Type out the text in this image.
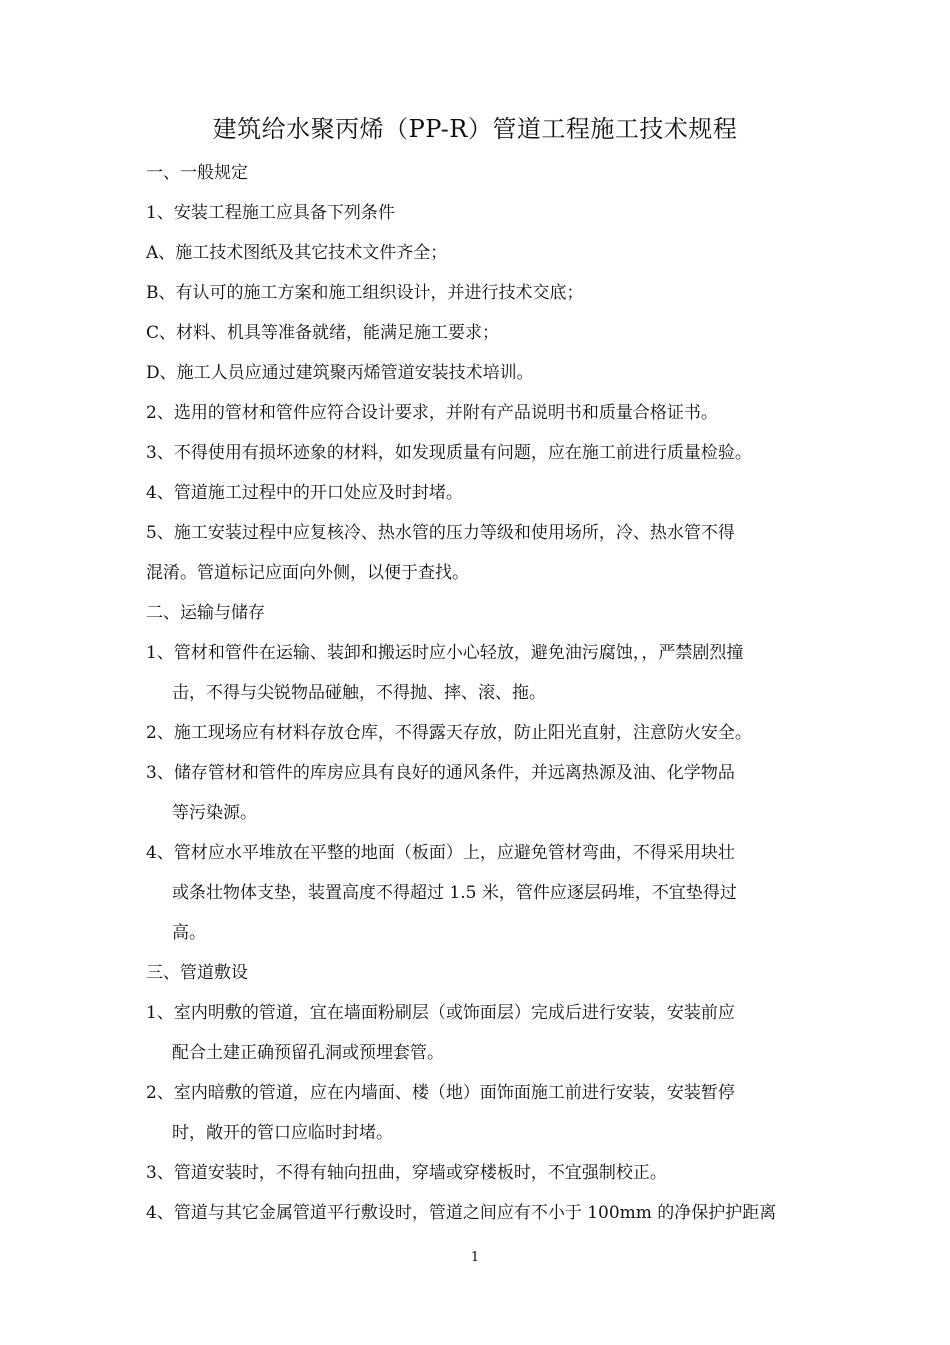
建筑给水聚丙烯（PP-R）管道工程施工技术规程
一、一般规定
1、安装工程施工应具备下列条件
A、施工技术图纸及其它技术文件齐全；
B、有认可的施工方案和施工组织设计，并进行技术交底；
C、材料、机具等准备就绪，能满足施工要求；
D、施工人员应通过建筑聚丙烯管道安装技术培训。
2、选用的管材和管件应符合设计要求，并附有产品说明书和质量合格证书。
3、不得使用有损坏迹象的材料，如发现质量有问题，应在施工前进行质量检验。
4、管道施工过程中的开口处应及时封堵。
5、施工安装过程中应复核冷、热水管的压力等级和使用场所，冷、热水管不得
混淆。管道标记应面向外侧，以便于查找。
二、运输与储存
1、管材和管件在运输、装卸和搬运时应小心轻放，避免油污腐蚀，，严禁剧烈撞
击，不得与尖锐物品碰触，不得抛、摔、滚、拖。
2、施工现场应有材料存放仓库，不得露天存放，防止阳光直射，注意防火安全。
3、储存管材和管件的库房应具有良好的通风条件，并远离热源及油、化学物品
等污染源。
4、管材应水平堆放在平整的地面（板面）上，应避免管材弯曲，不得采用块壮
或条壮物体支垫，装置高度不得超过 1.5 米，管件应逐层码堆，不宜垫得过
高。
三、管道敷设
1、室内明敷的管道，宜在墙面粉刷层（或饰面层）完成后进行安装，安装前应
配合土建正确预留孔洞或预埋套管。
2、室内暗敷的管道，应在内墙面、楼（地）面饰面施工前进行安装，安装暂停
时，敞开的管口应临时封堵。
3、管道安装时，不得有轴向扭曲，穿墙或穿楼板时，不宜强制校正。
4、管道与其它金属管道平行敷设时，管道之间应有不小于 100mm 的净保护护距离
1
